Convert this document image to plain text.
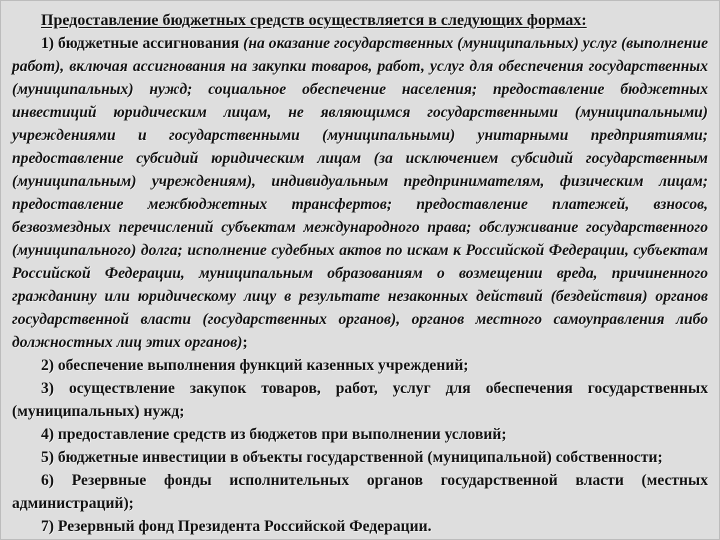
Предоставление бюджетных средств осуществляется в следующих формах:

1) бюджетные ассигнования (на оказание государственных (муниципальных) услуг (выполнение работ), включая ассигнования на закупки товаров, работ, услуг для обеспечения государственных (муниципальных) нужд; социальное обеспечение населения; предоставление бюджетных инвестиций юридическим лицам, не являющимся государственными (муниципальными) учреждениями и государственными (муниципальными) унитарными предприятиями; предоставление субсидий юридическим лицам (за исключением субсидий государственным (муниципальным) учреждениям), индивидуальным предпринимателям, физическим лицам; предоставление межбюджетных трансфертов; предоставление платежей, взносов, безвозмездных перечислений субъектам международного права; обслуживание государственного (муниципального) долга; исполнение судебных актов по искам к Российской Федерации, субъектам Российской Федерации, муниципальным образованиям о возмещении вреда, причиненного гражданину или юридическому лицу в результате незаконных действий (бездействия) органов государственной власти (государственных органов), органов местного самоуправления либо должностных лиц этих органов);

2) обеспечение выполнения функций казенных учреждений;

3) осуществление закупок товаров, работ, услуг для обеспечения государственных (муниципальных) нужд;

4) предоставление средств из бюджетов при выполнении условий;

5) бюджетные инвестиции в объекты государственной (муниципальной) собственности;

6) Резервные фонды исполнительных органов государственной власти (местных администраций);

7) Резервный фонд Президента Российской Федерации.
